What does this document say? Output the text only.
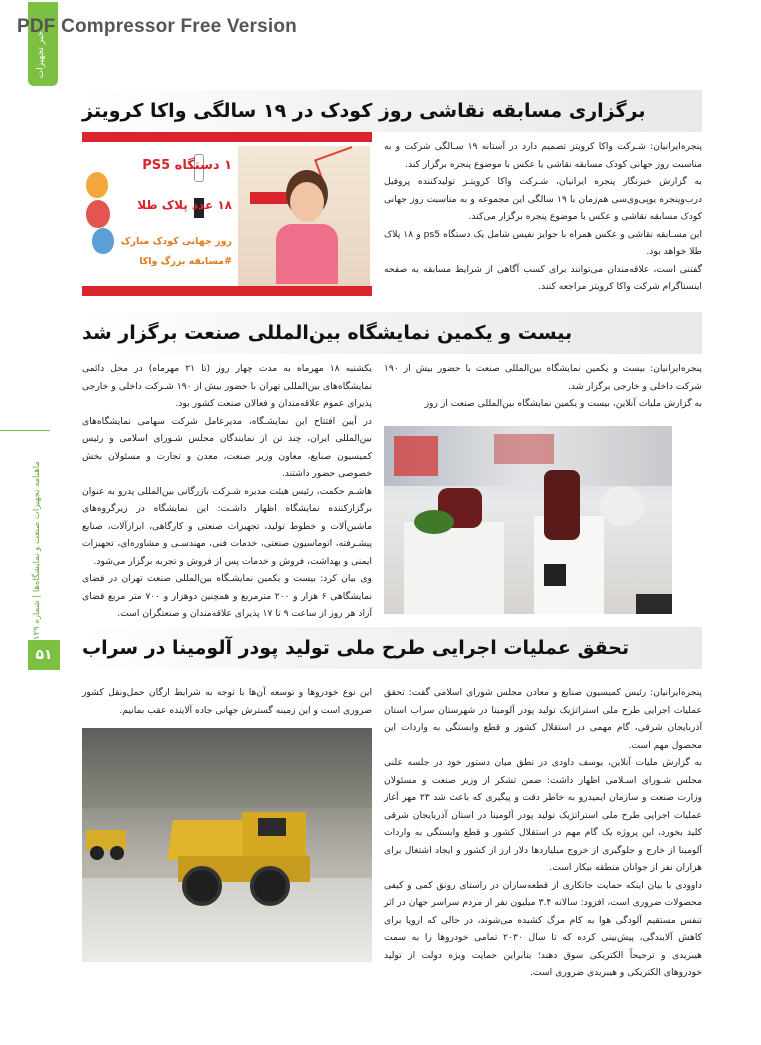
خبر تجهیزات
PDF Compressor Free Version
ماهنامه تجهیزات صنعت و نمایشگاه‌ها | شماره ۱۲۹
۵۱
برگزاری مسابقه نقاشی روز کودک در ۱۹ سالگی واکا کرویتز

پنجره‌ایرانیان: شـرکت واکا کرویتز تصمیم دارد در آستانه ۱۹ سـالگی شرکت و به مناسبت روز جهانی کودک مسابقه نقاشی یا عکس با موضوع پنجره برگزار کند.

به گزارش خبرنگار پنجره‌ ایرانیان، شـرکت واکا کرویتـز تولیدکننده پروفیل درب‌وپنجره یوپی‌وی‌سی هم‌زمان با ۱۹ سالگی این مجموعه و به مناسبت روز جهانی کودک مسابقه نقاشی و عکس با موضوع پنجره برگزار می‌کند.

این مسـابقه نقاشی و عکس همراه با جوایز نفیس شامل یک دستگاه ps5 و ۱۸ پلاک طلا خواهد بود.

گفتنی است، علاقه‌مندان می‌توانند برای کسب آگاهی از شرایط مسابقه به صفحه اینستاگرام شرکت واکا کرویتز مراجعه کنند.

۱ دستگاه PS5
۱۸ عدد پلاک طلا
روز جهانی کودک مبارک
#مسابقه بزرگ واکا
بیست و یکمین نمایشگاه بین‌المللی صنعت برگزار شد

پنجره‌ایرانیان: بیست و یکمین نمایشگاه بین‌المللی صنعت با حضور بیش از ۱۹۰ شرکت داخلی و خارجی برگزار شد.

به گزارش ملیات آنلاین، بیست و یکمین نمایشگاه بین‌المللی صنعت از روز

یکشنبه ۱۸ مهرماه به مدت چهار روز (تا ۲۱ مهرماه) در محل دائمی نمایشگاه‌های بین‌المللی تهران با حضور بیش از ۱۹۰ شـرکت داخلی و خارجی پذیرای عموم علاقه‌مندان و فعالان صنعت کشور بود.

در آیین افتتاح این نمایشـگاه، مدیرعامل شرکت سهامی نمایشگاه‌های بین‌المللی ایران، چند تن از نمایندگان مجلس شـورای اسلامی و رئیس کمیسیون صنایع، معاون وزیر صنعت، معدن و تجارت و مسئولان بخش خصوصی حضور داشتند.

هاشـم حکمت، رئیس هیئت مدیره شـرکت بازرگانی بین‌المللی پدرو به عنوان برگزارکننده نمایشگاه اظهار داشـت: این نمایشگاه در زیرگروه‌های ماشین‌آلات و خطوط تولید، تجهیزات صنعتی و کارگاهی، ابزارآلات، صنایع پیشـرفته، اتوماسیون صنعتی، خدمات فنی، مهندسـی و مشاوره‌ای، تجهیزات ایمنی و بهداشت، فروش و خدمات پس از فروش و تجربه برگزار می‌شود.

وی بیان کرد: بیست و یکمین نمایشـگاه بین‌المللی صنعت تهران در فضای نمایشگاهی ۶ هزار و ۲۰۰ مترمربع و همچنین دوهزار و ۷۰۰ متر مربع فضای آزاد هر روز از ساعت ۹ تا ۱۷ پذیرای علاقه‌مندان و صنعتگران است.

تحقق عملیات اجرایی طرح ملی تولید پودر آلومینا در سراب

پنجره‌ایرانیان: رئیس کمیسیون صنایع و معادن مجلس شورای اسلامی گفت: تحقق عملیات اجرایی طرح ملی استراتژیک تولید پودر آلومینا در شهرستان سراب استان آذربایجان شرقی، گام مهمی در استقلال کشور و قطع وابستگی به واردات این محصول مهم است.

به گزارش ملیات آنلاین، یوسف داودی در نطق میان دستور خود در جلسه علنی مجلس شـورای اسـلامی اظهار داشت: ضمن تشکر از وزیر صنعت و مسئولان وزارت صنعت و سازمان ایمیدرو به خاطر دقت و پیگیری که باعث شد ۲۳ مهر آغاز عملیات اجرایی طرح ملی استراتژیک تولید پودر آلومینا در استان آذربایجان شرقی کلید بخورد، این پروژه یک گام مهم در استقلال کشور و قطع وابستگی به واردات آلومینا از خارج و جلوگیری از خروج میلیاردها دلار ارز از کشور و ایجاد اشتغال برای هزاران نفر از جوانان منطقه بیکار است.

داوودی با بیان اینکه حمایت جانکاری از قطعه‌سازان در راستای رونق کمی و کیفی محصولات ضروری است، افزود: سالانه ۳.۴ میلیون نفر از مردم سراسر جهان در اثر تنفس مستقیم آلودگی هوا به کام مرگ کشیده می‌شوند، در حالی که اروپا برای کاهش آلایندگی، پیش‌بینی کرده که تا سال ۲۰۳۰ تمامی خودروها را به سمت هیبریدی و ترجیحاً الکتریکی سوق دهند؛ بنابراین حمایت ویژه دولت از تولید خودروهای الکتریکی و هیبریدی ضروری است.

این نوع خودروها و توسعه آن‌ها با توجه به شرایط ارگان حمل‌ونقل کشور ضروری است و این زمینه گسترش جهانی جاده آلاینده عقب بمانیم.
